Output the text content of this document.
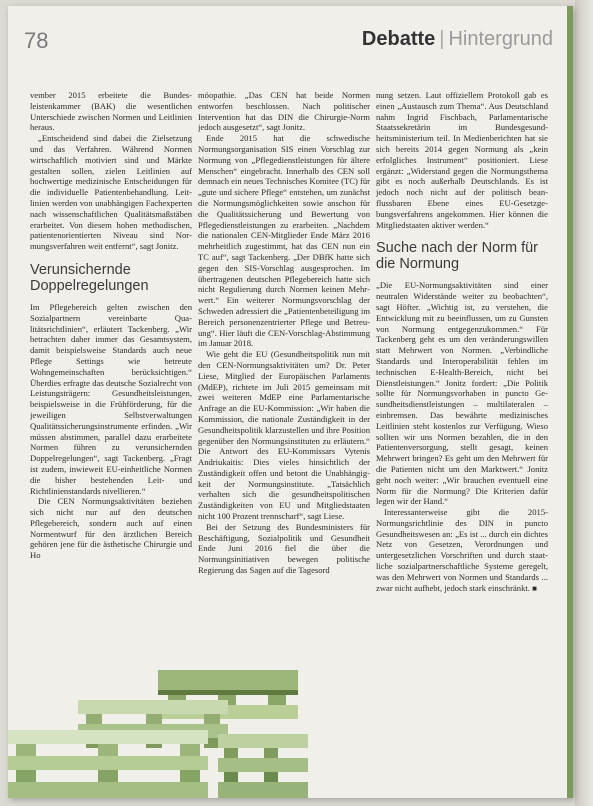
78	Debatte | Hintergrund

vember 2015 erbeitete die Bundesleistenkammer (BAK) die wesentlichen Unterschiede zwischen Normen und Leitlinien heraus.

„Entscheidend sind dabei die Zielsetzung und das Verfahren. Während Normen wirtschaftlich motiviert sind und Märkte gestalten sollen, zielen Leitlinien auf hochwertige medizinische Entscheidungen für die individuelle Patientenbehandlung. Leitlinien werden von unabhängigen Fachexperten nach wissenschaftlichen Qualitätsmaßstäben erarbeitet. Von diesem hohen methodischen, patientenorientierten Niveau sind Normungsverfahren weit entfernt“, sagt Jonitz.

Verunsichernde Doppelregelungen

Im Pflegebereich gelten zwischen den Sozialpartnern vereinbarte Qualitätsrichtlinien“, erläutert Tackenberg. „Wir betrachten daher immer das Gesamtsystem, damit beispielsweise Standards auch neue Pflege Settings wie betreute Wohngemeinschaften berücksichtigen.“ Überdies erfragte das deutsche Sozialrecht von Leistungsträgern: Gesundheitsleistungen, beispielsweise in die Frühförderung, für die jeweiligen Selbstverwaltungen Qualitätssicherungsinstrumente erfinden. „Wir müssen abstimmen, parallel dazu erarbeitete Normen führen zu verunsichernden Doppelregelungen“, sagt Tackenberg. „Fragt ist zudem, inwieweit EU-einheitliche Normen die bisher bestehenden Leit- und Richtlinienstandards nivellieren.“

Die CEN Normungsaktivitäten beziehen sich nicht nur auf den deutschen Pflegebereich, sondern auch auf einen Normentwurf für den ärztlichen Bereich gehören jene für die ästhetische Chirurgie und Ho

möopathie. „Das CEN hat beide Normen entworfen beschlossen. Nach politischer Intervention hat das DIN die Chirurgie-Norm jedoch ausgesetzt“, sagt Jonitz.

Ende 2015 hat die schwedische Normungsorganisation SIS einen Vorschlag zur Normung von „Pflegedienstleistungen für ältere Menschen“ eingebracht. Innerhalb des CEN soll demnach ein neues Technisches Komitee (TC) für „gute und sichere Pflege“ entstehen, um zunächst die Normungsmöglichkeiten sowie anschon für die Qualitätssicherung und Bewertung von Pflegedienstleistungen zu erarbeiten. „Nachdem die nationalen CEN-Mitglieder Ende März 2016 mehrheitlich zugestimmt, hat das CEN nun ein TC auf“, sagt Tackenberg. „Der DBfK hatte sich gegen den SIS-Vorschlag ausgesprochen. Im übertragenen deutschen Pflegebereich hatte sich nicht Regulierung durch Normen keinen Mehrwert.“ Ein weiterer Normungsvorschlag der Schweden adressiert die „Patientenbeteiligung im Bereich personenzentrierter Pflege und Betreuung“. Hier läuft die CEN-Vorschlag-Abstimmung im Januar 2018.

Wie geht die EU (Gesundheitspolitik nun mit den CEN-Normungsaktivitäten um? Dr. Peter Liese, Mitglied der Europäischen Parlaments (MdEP), richtete im Juli 2015 gemeinsam mit zwei weiteren MdEP eine Parlamentarische Anfrage an die EU-Kommission: „Wir haben die Kommission, die nationale Zuständigkeit in der Gesundheitspolitik klarzustellen und ihre Position gegenüber den Normungsinstituten zu erläutern.“ Die Antwort des EU-Kommissars Vytenis Andriukaitis: Dies vieles hinsichtlich der Zuständigkeit offen und betont die Unabhängigkeit der Normungsinstitute. „Tatsächlich verhalten sich die gesundheitspolitischen Zuständigkeiten von EU und Mitgliedstaaten nicht 100 Prozent trennscharf“, sagt Liese.

Bei der Setzung des Bundesministers für Beschäftigung, Sozialpolitik und Gesundheit Ende Juni 2016 fiel die über die Normungsinitiativen bewegen politische Regierung das Sagen auf die Tagesord

nung setzen. Laut offiziellem Protokoll gab es einen „Austausch zum Thema“. Aus Deutschland nahm Ingrid Fischbach, Parlamentarische Staatssekretärin im Bundesgesundheitsministerium teil. In Medienberichten hat sie sich bereits 2014 gegen Normung als „kein erfolgliches Instrument“ positioniert. Liese ergänzt: „Widerstand gegen die Normungsthema gibt es noch außerhalb Deutschlands. Es ist jedoch noch nicht auf der politisch beanflussbaren Ebene eines EU-Gesetzgebungsverfahrens angekommen. Hier können die Mitgliedstaaten aktiver werden.“

Suche nach der Norm für die Normung

„Die EU-Normungsaktivitäten sind einer neutralen Widerstände weiter zu beobachten“, sagt Höfter. „Wichtig ist, zu verstehen, die Entwicklung mit zu beeinflussen, um zu Gunsten von Normung entgegenzukommen.“ Für Tackenberg geht es um den veränderungswillen statt Mehrwert von Normen. „Verbindliche Standards und Interoperabilität fehlen im technischen E-Health-Bereich, nicht bei Dienstleistungen.“ Jonitz fordert: „Die Politik sollte für Normungsvorhaben in puncto Gesundheitsdienstleistungen – multilateralen – einbremsen. Das bewährte medizinisches Leitlinien steht kostenlos zur Verfügung. Wieso sollten wir uns Normen bezahlen, die in den Patientenversorgung, stellt gesagt, keinen Mehrwert bringen? Es geht um den Mehrwert für die Patienten nicht um den Marktwert.“ Jonitz geht noch weiter: „Wir brauchen eventuell eine Norm für die Normung? Die Kriterien dafür legen wir der Hand.“

Interessanterweise gibt die 2015-Normungsrichtlinie des DIN in puncto Gesundheitswesen an: „Es ist ... durch ein dichtes Netz von Gesetzen, Verordnungen und untergesetzlichen Vorschriften und durch staatliche sozialpartnerschaftliche Systeme geregelt, was den Mehrwert von Normen und Standards ... zwar nicht aufhebt, jedoch stark einschränkt. ■
